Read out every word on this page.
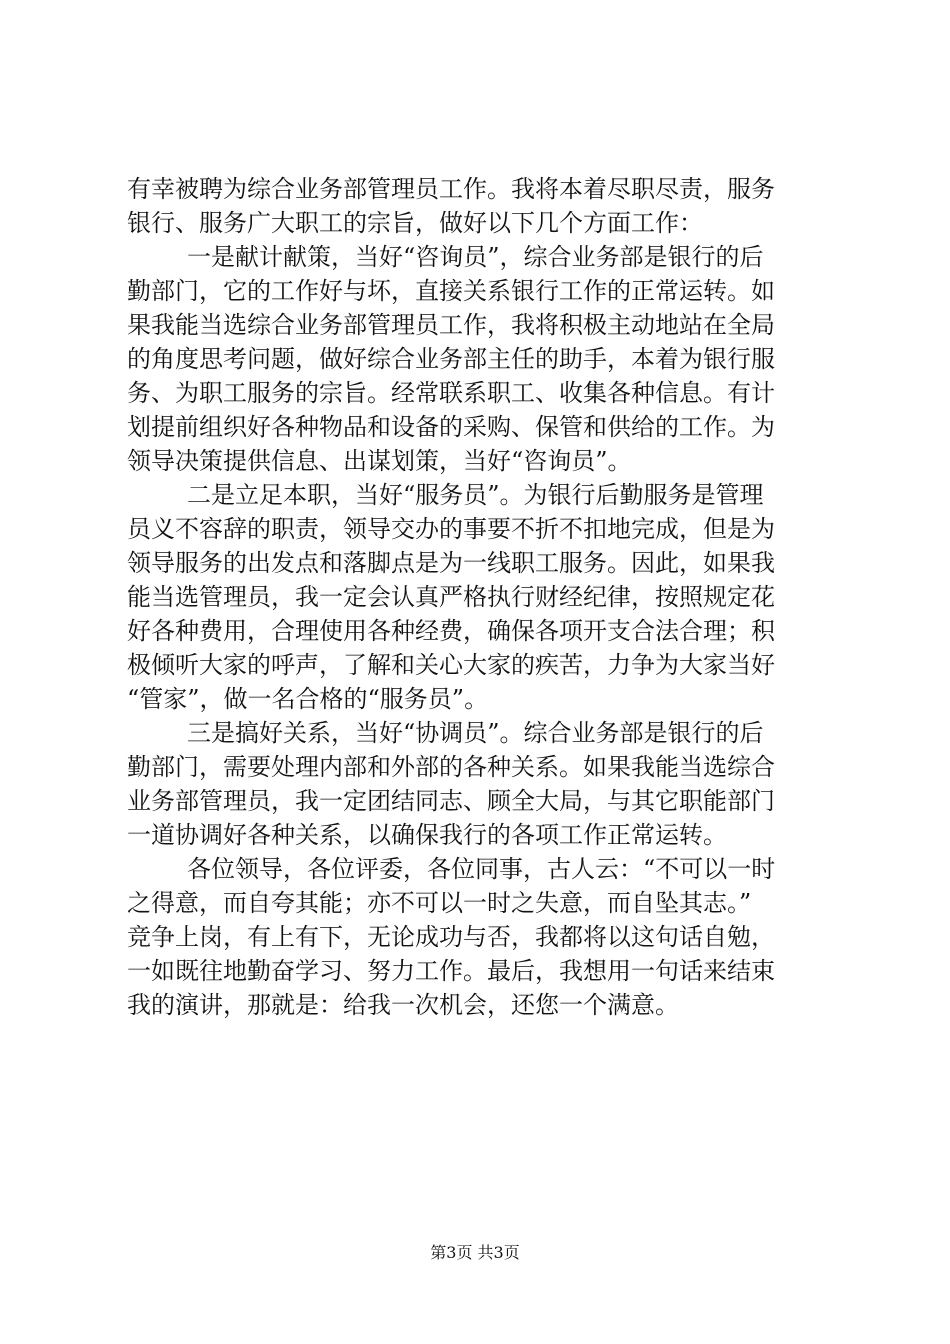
有幸被聘为综合业务部管理员工作。我将本着尽职尽责，服务
银行、服务广大职工的宗旨，做好以下几个方面工作：
一是献计献策，当好“咨询员”，综合业务部是银行的后
勤部门，它的工作好与坏，直接关系银行工作的正常运转。如
果我能当选综合业务部管理员工作，我将积极主动地站在全局
的角度思考问题，做好综合业务部主任的助手，本着为银行服
务、为职工服务的宗旨。经常联系职工、收集各种信息。有计
划提前组织好各种物品和设备的采购、保管和供给的工作。为
领导决策提供信息、出谋划策，当好“咨询员”。
二是立足本职，当好“服务员”。为银行后勤服务是管理
员义不容辞的职责，领导交办的事要不折不扣地完成，但是为
领导服务的出发点和落脚点是为一线职工服务。因此，如果我
能当选管理员，我一定会认真严格执行财经纪律，按照规定花
好各种费用，合理使用各种经费，确保各项开支合法合理；积
极倾听大家的呼声，了解和关心大家的疾苦，力争为大家当好
“管家”，做一名合格的“服务员”。
三是搞好关系，当好“协调员”。综合业务部是银行的后
勤部门，需要处理内部和外部的各种关系。如果我能当选综合
业务部管理员，我一定团结同志、顾全大局，与其它职能部门
一道协调好各种关系，以确保我行的各项工作正常运转。
各位领导，各位评委，各位同事，古人云：“不可以一时
之得意，而自夸其能；亦不可以一时之失意，而自坠其志。”
竞争上岗，有上有下，无论成功与否，我都将以这句话自勉，
一如既往地勤奋学习、努力工作。最后，我想用一句话来结束
我的演讲，那就是：给我一次机会，还您一个满意。
第3页 共3页
